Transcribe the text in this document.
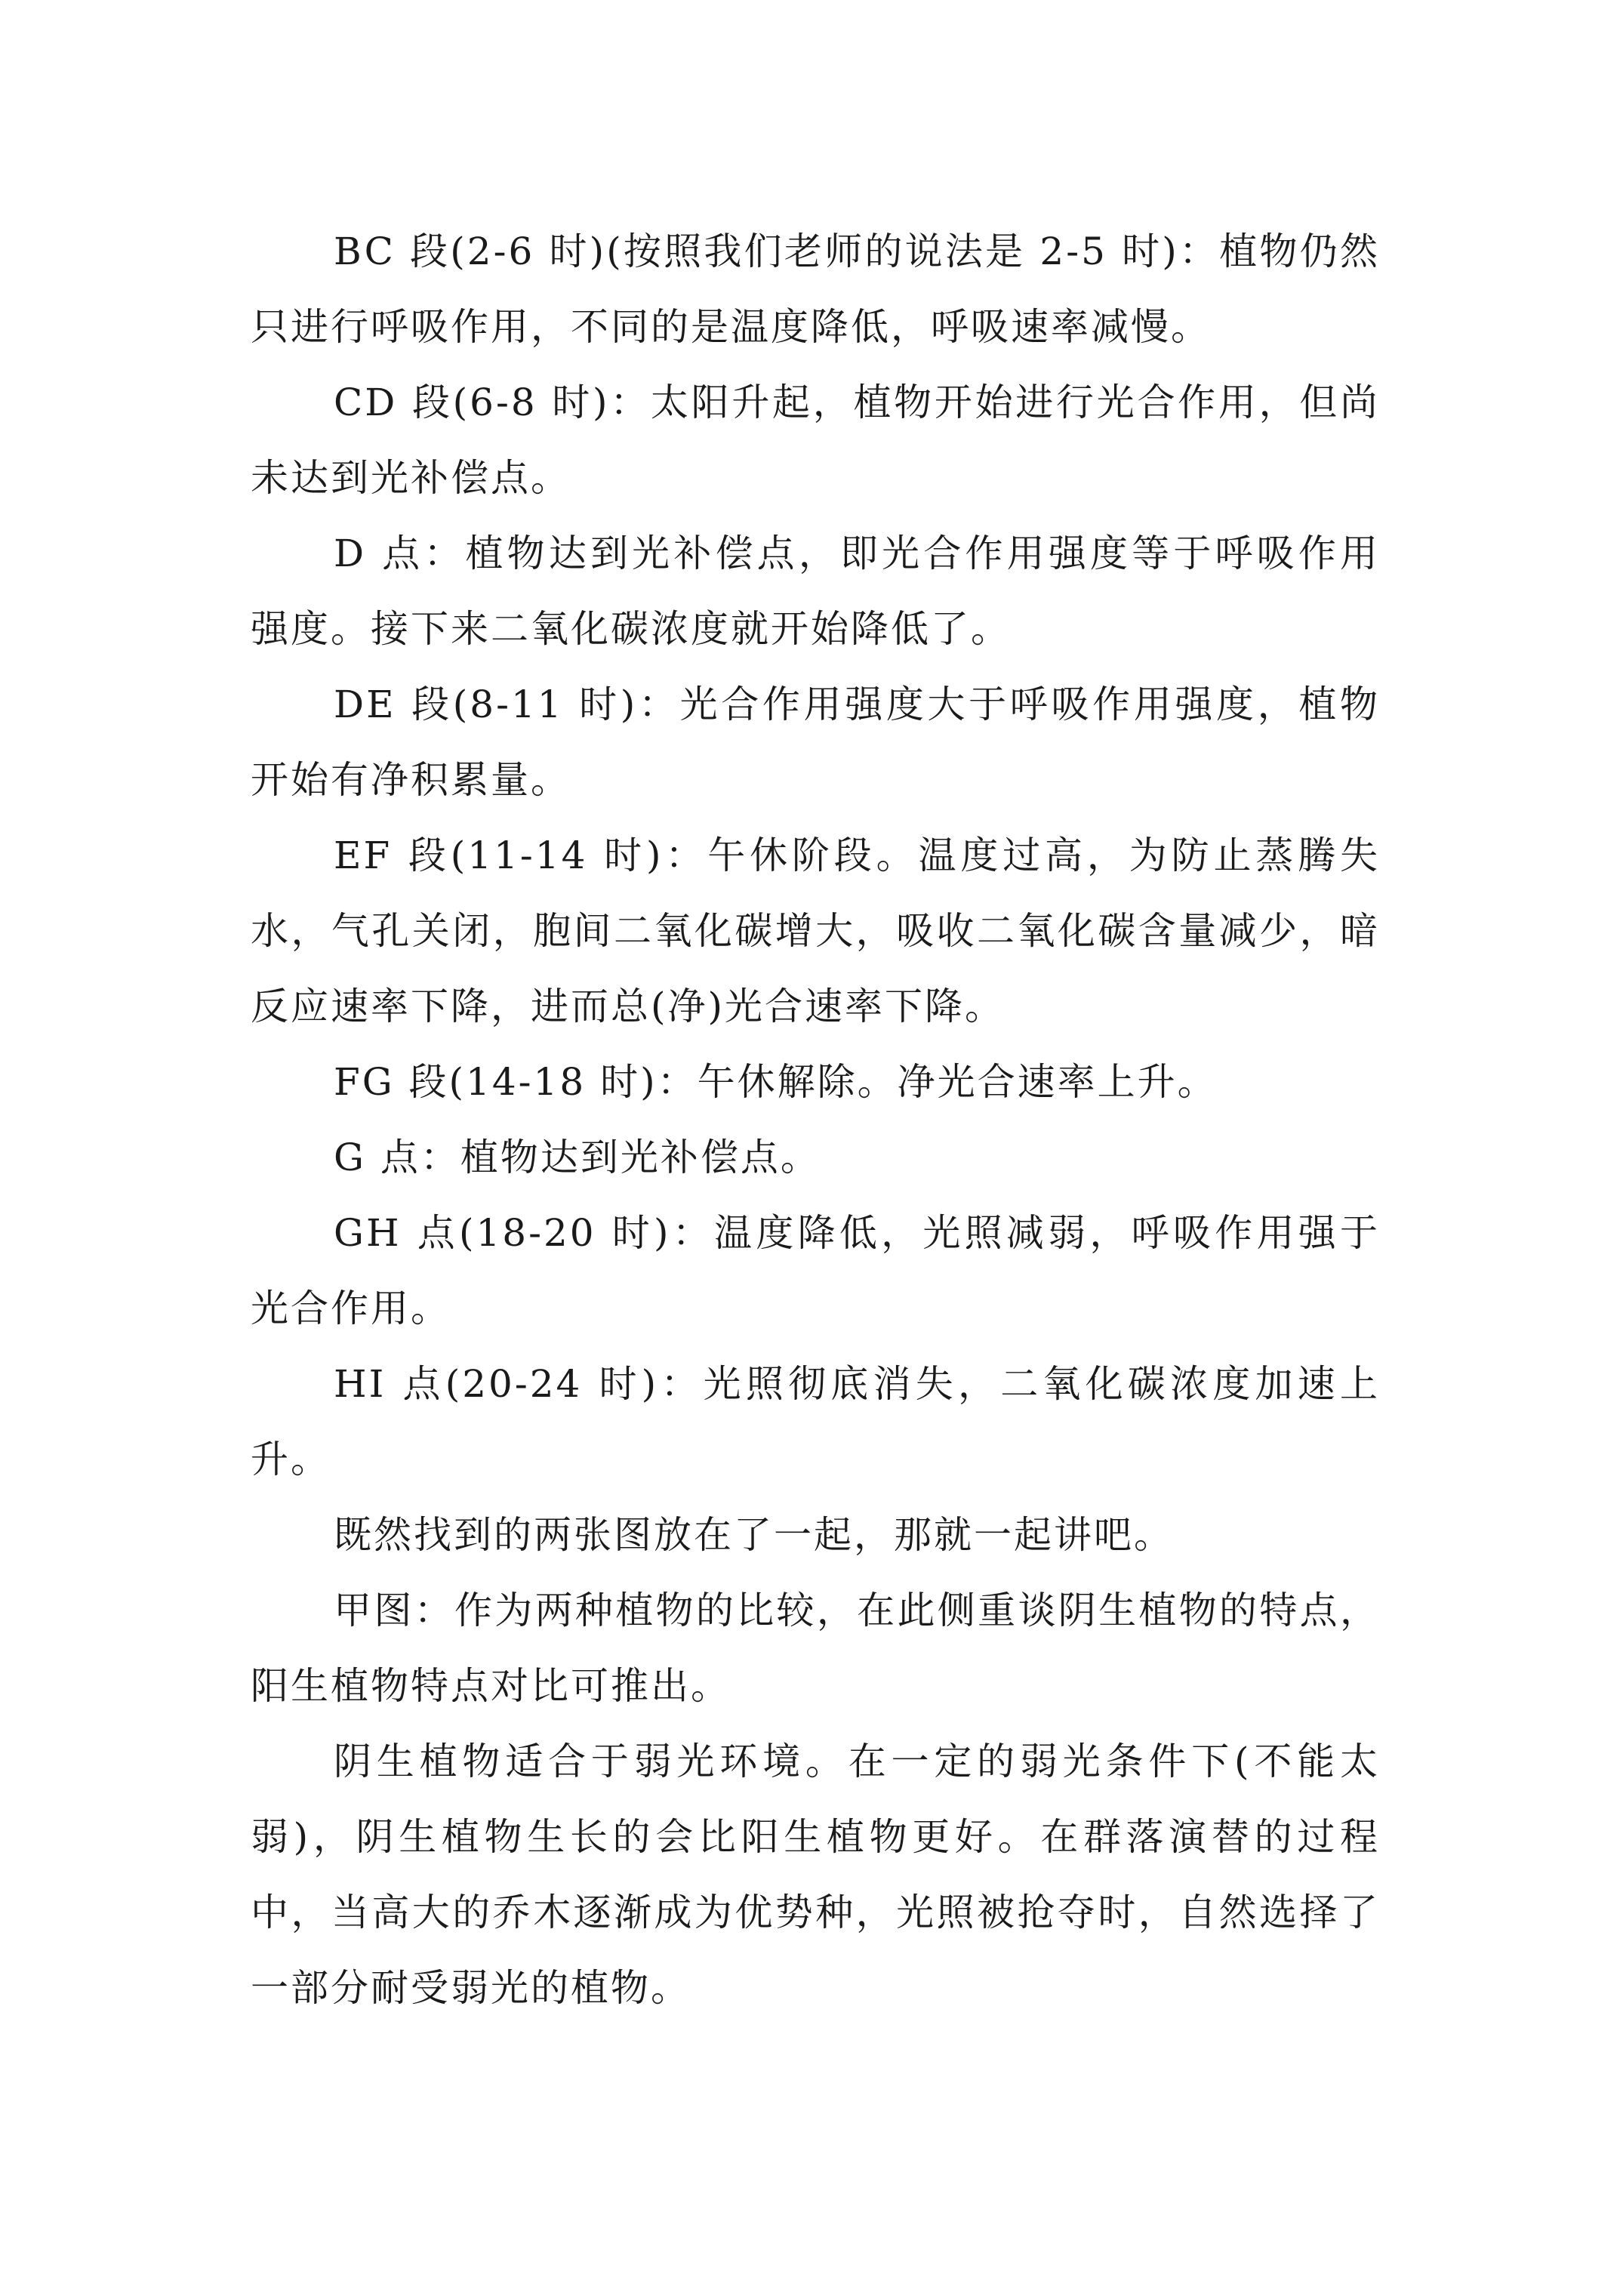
BC 段(2-6 时)(按照我们老师的说法是 2-5 时)：植物仍然只进行呼吸作用，不同的是温度降低，呼吸速率减慢。

CD 段(6-8 时)：太阳升起，植物开始进行光合作用，但尚未达到光补偿点。

D 点：植物达到光补偿点，即光合作用强度等于呼吸作用强度。接下来二氧化碳浓度就开始降低了。

DE 段(8-11 时)：光合作用强度大于呼吸作用强度，植物开始有净积累量。

EF 段(11-14 时)：午休阶段。温度过高，为防止蒸腾失水，气孔关闭，胞间二氧化碳增大，吸收二氧化碳含量减少，暗反应速率下降，进而总(净)光合速率下降。

FG 段(14-18 时)：午休解除。净光合速率上升。

G 点：植物达到光补偿点。

GH 点(18-20 时)：温度降低，光照减弱，呼吸作用强于光合作用。

HI 点(20-24 时)：光照彻底消失，二氧化碳浓度加速上升。

既然找到的两张图放在了一起，那就一起讲吧。

甲图：作为两种植物的比较，在此侧重谈阴生植物的特点，阳生植物特点对比可推出。

阴生植物适合于弱光环境。在一定的弱光条件下(不能太弱)，阴生植物生长的会比阳生植物更好。在群落演替的过程中，当高大的乔木逐渐成为优势种，光照被抢夺时，自然选择了一部分耐受弱光的植物。
